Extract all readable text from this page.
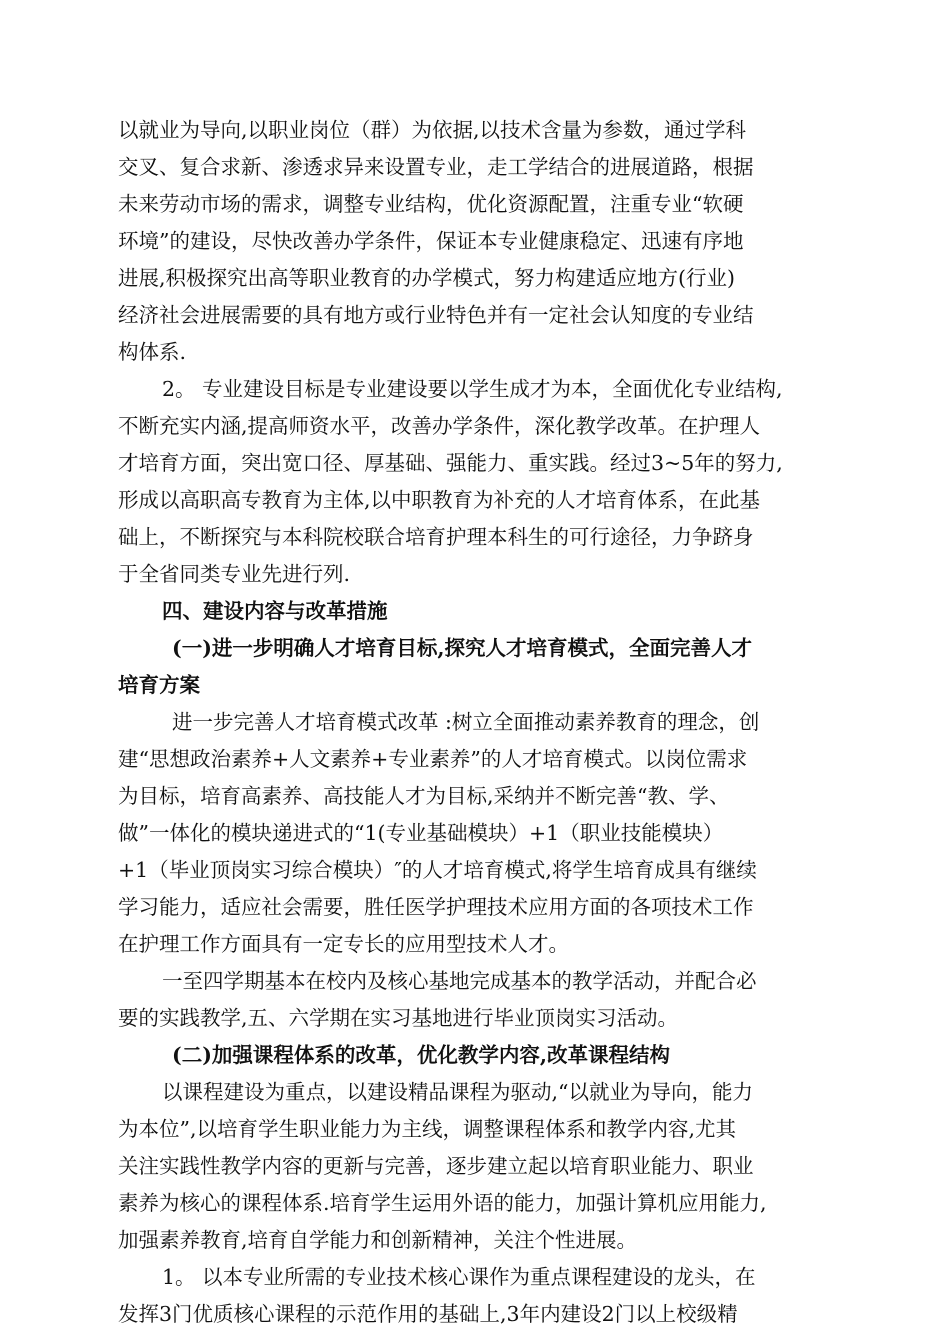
以就业为导向,以职业岗位（群）为依据,以技术含量为参数，通过学科
交叉、复合求新、渗透求异来设置专业，走工学结合的进展道路，根据
未来劳动市场的需求，调整专业结构，优化资源配置，注重专业“软硬
环境”的建设，尽快改善办学条件，保证本专业健康稳定、迅速有序地
进展,积极探究出高等职业教育的办学模式，努力构建适应地方(行业)
经济社会进展需要的具有地方或行业特色并有一定社会认知度的专业结
构体系.
2。 专业建设目标是专业建设要以学生成才为本，全面优化专业结构,
不断充实内涵,提高师资水平，改善办学条件，深化教学改革。在护理人
才培育方面，突出宽口径、厚基础、强能力、重实践。经过3~5年的努力,
形成以高职高专教育为主体,以中职教育为补充的人才培育体系，在此基
础上，不断探究与本科院校联合培育护理本科生的可行途径，力争跻身
于全省同类专业先进行列.
四、建设内容与改革措施
(一)进一步明确人才培育目标,探究人才培育模式，全面完善人才
培育方案
进一步完善人才培育模式改革 :树立全面推动素养教育的理念，创
建“思想政治素养+人文素养+专业素养”的人才培育模式。以岗位需求
为目标，培育高素养、高技能人才为目标,采纳并不断完善“教、学、
做”一体化的模块递进式的“1(专业基础模块）+1（职业技能模块）
+1（毕业顶岗实习综合模块）″的人才培育模式,将学生培育成具有继续
学习能力，适应社会需要，胜任医学护理技术应用方面的各项技术工作
在护理工作方面具有一定专长的应用型技术人才。
一至四学期基本在校内及核心基地完成基本的教学活动，并配合必
要的实践教学,五、六学期在实习基地进行毕业顶岗实习活动。
(二)加强课程体系的改革，优化教学内容,改革课程结构
以课程建设为重点，以建设精品课程为驱动,“以就业为导向，能力
为本位”,以培育学生职业能力为主线，调整课程体系和教学内容,尤其
关注实践性教学内容的更新与完善，逐步建立起以培育职业能力、职业
素养为核心的课程体系.培育学生运用外语的能力，加强计算机应用能力,
加强素养教育,培育自学能力和创新精神，关注个性进展。
1。 以本专业所需的专业技术核心课作为重点课程建设的龙头，在
发挥3门优质核心课程的示范作用的基础上,3年内建设2门以上校级精
